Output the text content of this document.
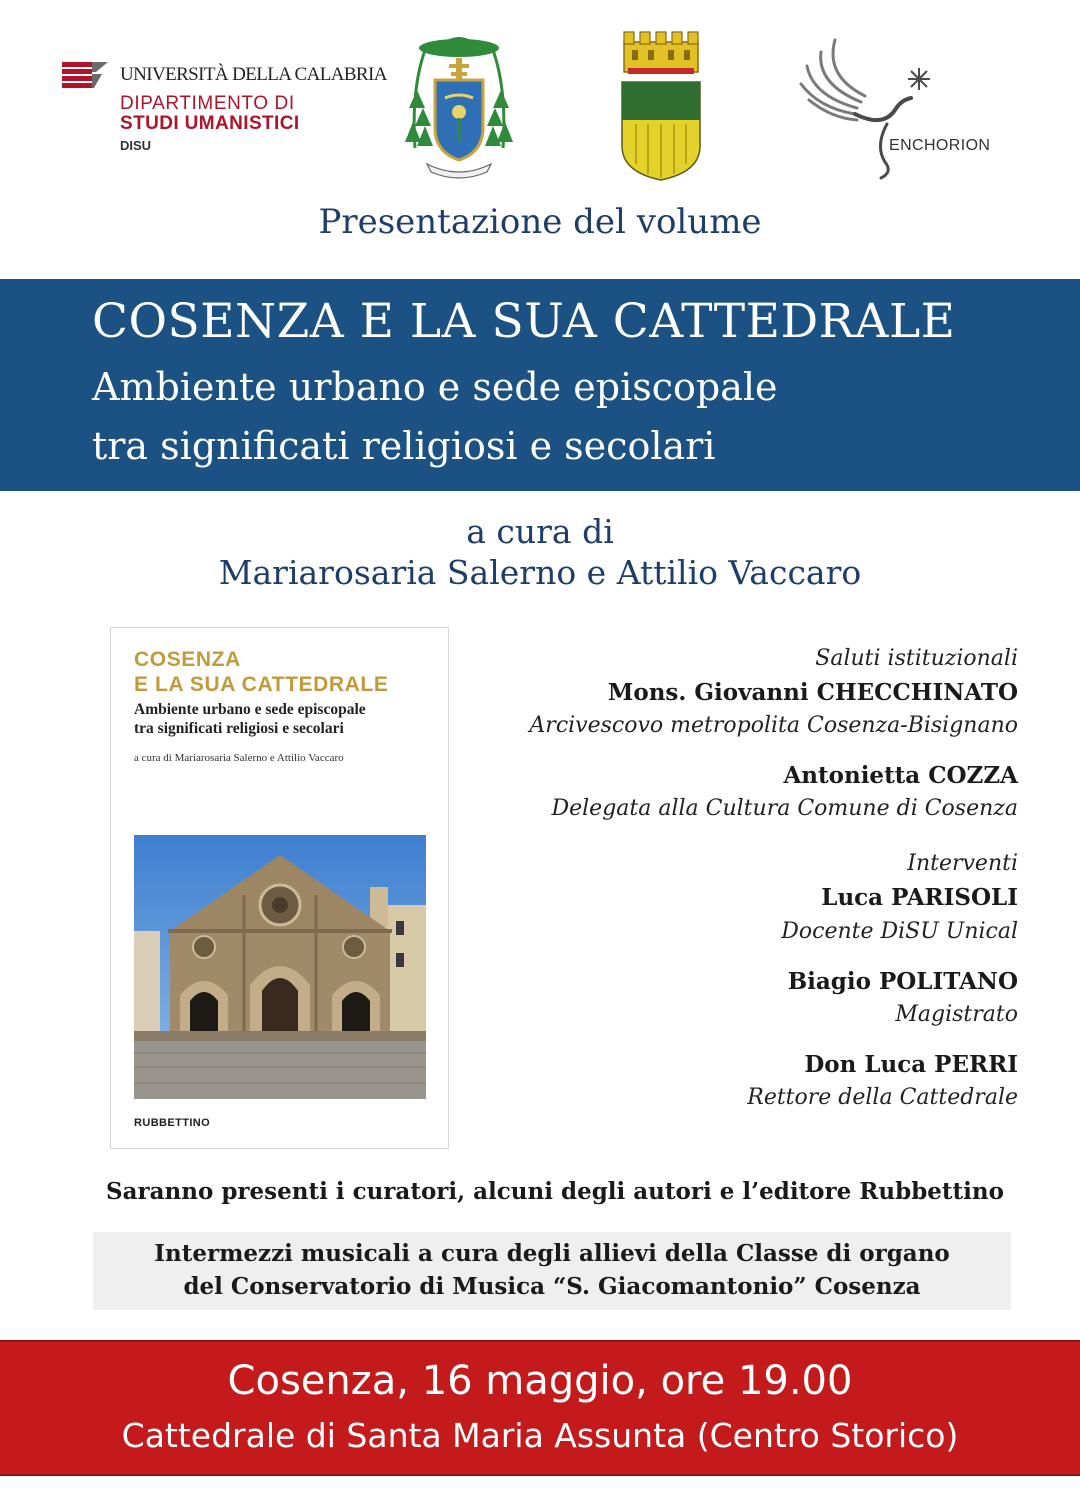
UNIVERSITÀ DELLA CALABRIA
DIPARTIMENTO DI
STUDI UMANISTICI
DISU	ENCHORION
Presentazione del volume
COSENZA E LA SUA CATTEDRALE
Ambiente urbano e sede episcopale
tra significati religiosi e secolari
a cura di
Mariarosaria Salerno e Attilio Vaccaro
COSENZA
E LA SUA CATTEDRALE
Ambiente urbano e sede episcopale
tra significati religiosi e secolari
a cura di Mariarosaria Salerno e Attilio Vaccaro
RUBBETTINO
Saluti istituzionali
Mons. Giovanni CHECCHINATO
Arcivescovo metropolita Cosenza-Bisignano
Antonietta COZZA
Delegata alla Cultura Comune di Cosenza
Interventi
Luca PARISOLI
Docente DiSU Unical
Biagio POLITANO
Magistrato
Don Luca PERRI
Rettore della Cattedrale
Saranno presenti i curatori, alcuni degli autori e l’editore Rubbettino
Intermezzi musicali a cura degli allievi della Classe di organo
del Conservatorio di Musica “S. Giacomantonio” Cosenza
Cosenza, 16 maggio, ore 19.00
Cattedrale di Santa Maria Assunta (Centro Storico)
